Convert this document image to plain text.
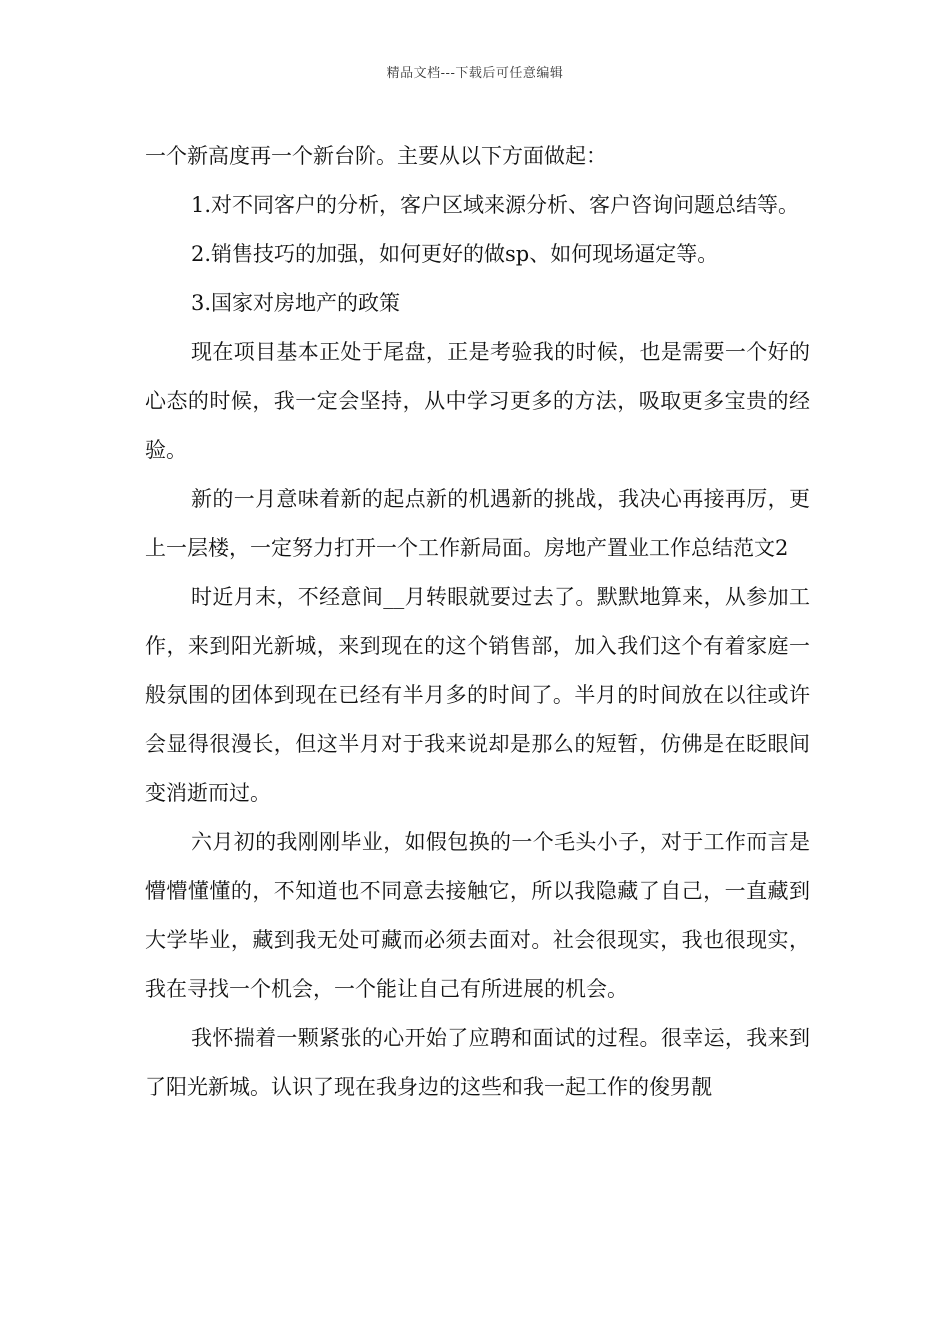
精品文档---下载后可任意编辑

一个新高度再一个新台阶。主要从以下方面做起：

1.对不同客户的分析，客户区域来源分析、客户咨询问题总结等。

2.销售技巧的加强，如何更好的做sp、如何现场逼定等。

3.国家对房地产的政策

现在项目基本正处于尾盘，正是考验我的时候，也是需要一个好的心态的时候，我一定会坚持，从中学习更多的方法，吸取更多宝贵的经验。

新的一月意味着新的起点新的机遇新的挑战，我决心再接再厉，更上一层楼，一定努力打开一个工作新局面。房地产置业工作总结范文2

时近月末，不经意间__月转眼就要过去了。默默地算来，从参加工作，来到阳光新城，来到现在的这个销售部，加入我们这个有着家庭一般氛围的团体到现在已经有半月多的时间了。半月的时间放在以往或许会显得很漫长，但这半月对于我来说却是那么的短暂，仿佛是在眨眼间变消逝而过。

六月初的我刚刚毕业，如假包换的一个毛头小子，对于工作而言是懵懵懂懂的，不知道也不同意去接触它，所以我隐藏了自己，一直藏到大学毕业，藏到我无处可藏而必须去面对。社会很现实，我也很现实，我在寻找一个机会，一个能让自己有所进展的机会。

我怀揣着一颗紧张的心开始了应聘和面试的过程。很幸运，我来到了阳光新城。认识了现在我身边的这些和我一起工作的俊男靓
